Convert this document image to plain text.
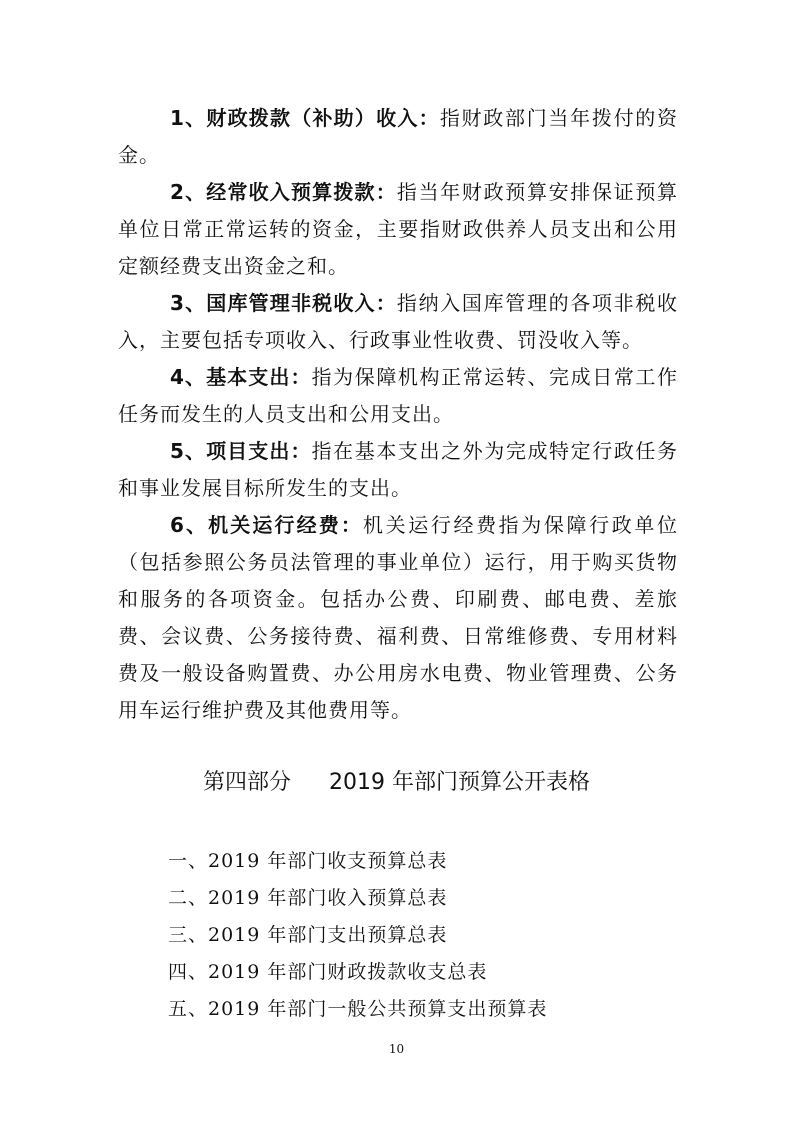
1、财政拨款（补助）收入：指财政部门当年拨付的资金。

2、经常收入预算拨款：指当年财政预算安排保证预算单位日常正常运转的资金，主要指财政供养人员支出和公用定额经费支出资金之和。

3、国库管理非税收入：指纳入国库管理的各项非税收入，主要包括专项收入、行政事业性收费、罚没收入等。

4、基本支出：指为保障机构正常运转、完成日常工作任务而发生的人员支出和公用支出。

5、项目支出：指在基本支出之外为完成特定行政任务和事业发展目标所发生的支出。

6、机关运行经费：机关运行经费指为保障行政单位（包括参照公务员法管理的事业单位）运行，用于购买货物和服务的各项资金。包括办公费、印刷费、邮电费、差旅费、会议费、公务接待费、福利费、日常维修费、专用材料费及一般设备购置费、办公用房水电费、物业管理费、公务用车运行维护费及其他费用等。

第四部分 2019 年部门预算公开表格
一、2019 年部门收支预算总表
二、2019 年部门收入预算总表
三、2019 年部门支出预算总表
四、2019 年部门财政拨款收支总表
五、2019 年部门一般公共预算支出预算表
10
